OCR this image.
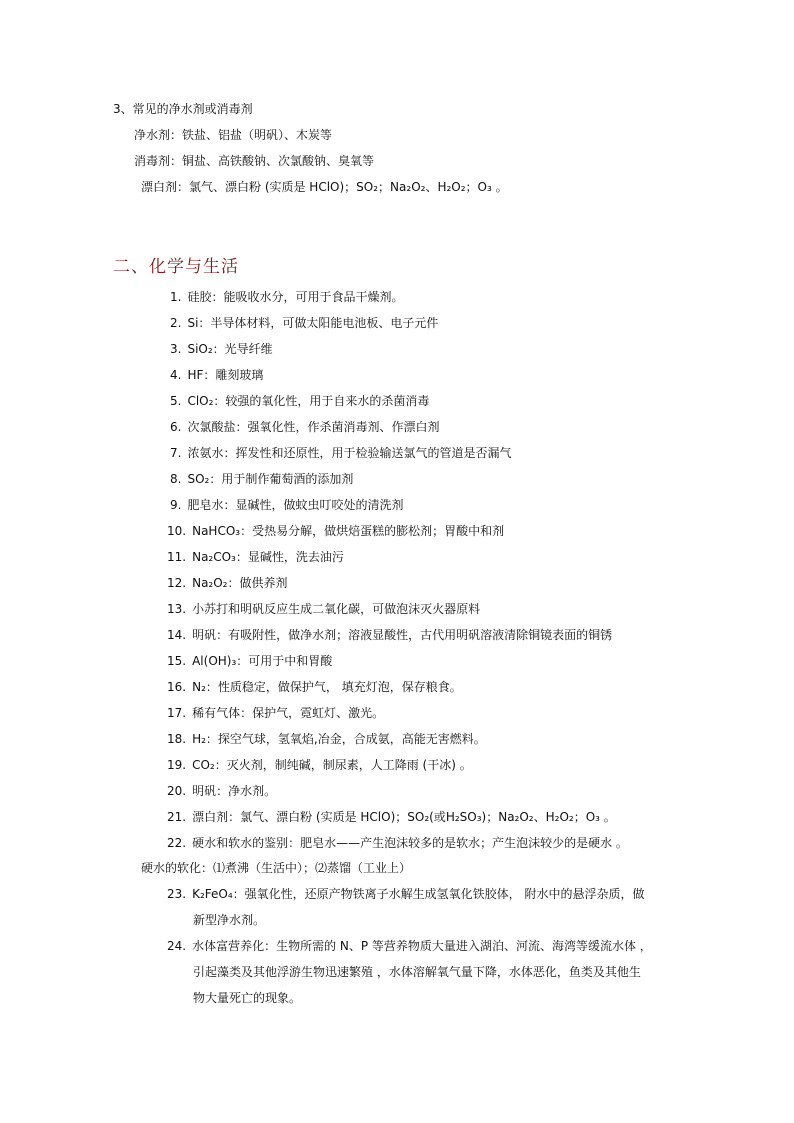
3、常见的净水剂或消毒剂
净水剂：铁盐、铝盐（明矾）、木炭等
消毒剂：铜盐、高铁酸钠、次氯酸钠、臭氧等
漂白剂：氯气、漂白粉 (实质是 HClO)；SO₂；Na₂O₂、H₂O₂；O₃ 。
二、化学与生活
1. 硅胶：能吸收水分，可用于食品干燥剂。
2. Si：半导体材料，可做太阳能电池板、电子元件
3. SiO₂：光导纤维
4. HF：雕刻玻璃
5. ClO₂：较强的氧化性，用于自来水的杀菌消毒
6. 次氯酸盐：强氧化性，作杀菌消毒剂、作漂白剂
7. 浓氨水：挥发性和还原性，用于检验输送氯气的管道是否漏气
8. SO₂：用于制作葡萄酒的添加剂
9. 肥皂水：显碱性，做蚊虫叮咬处的清洗剂
10. NaHCO₃：受热易分解，做烘焙蛋糕的膨松剂；胃酸中和剂
11. Na₂CO₃：显碱性，洗去油污
12. Na₂O₂：做供养剂
13. 小苏打和明矾反应生成二氧化碳，可做泡沫灭火器原料
14. 明矾：有吸附性，做净水剂；溶液显酸性，古代用明矾溶液清除铜镜表面的铜锈
15. Al(OH)₃：可用于中和胃酸
16. N₂：性质稳定，做保护气， 填充灯泡，保存粮食。
17. 稀有气体：保护气，霓虹灯、激光。
18. H₂：探空气球，氢氧焰,冶金，合成氨，高能无害燃料。
19. CO₂：灭火剂，制纯碱，制尿素，人工降雨 (干冰) 。
20. 明矾：净水剂。
21. 漂白剂：氯气、漂白粉 (实质是 HClO)；SO₂(或H₂SO₃)；Na₂O₂、H₂O₂；O₃ 。
22. 硬水和软水的鉴别：肥皂水——产生泡沫较多的是软水；产生泡沫较少的是硬水 。
硬水的软化：⑴煮沸（生活中）；⑵蒸馏（工业上）
23. K₂FeO₄：强氧化性，还原产物铁离子水解生成氢氧化铁胶体， 附水中的悬浮杂质，做
新型净水剂。
24. 水体富营养化：生物所需的 N、P 等营养物质大量进入湖泊、河流、海湾等缓流水体 ，
引起藻类及其他浮游生物迅速繁殖 ，水体溶解氧气量下降，水体恶化，鱼类及其他生
物大量死亡的现象。
